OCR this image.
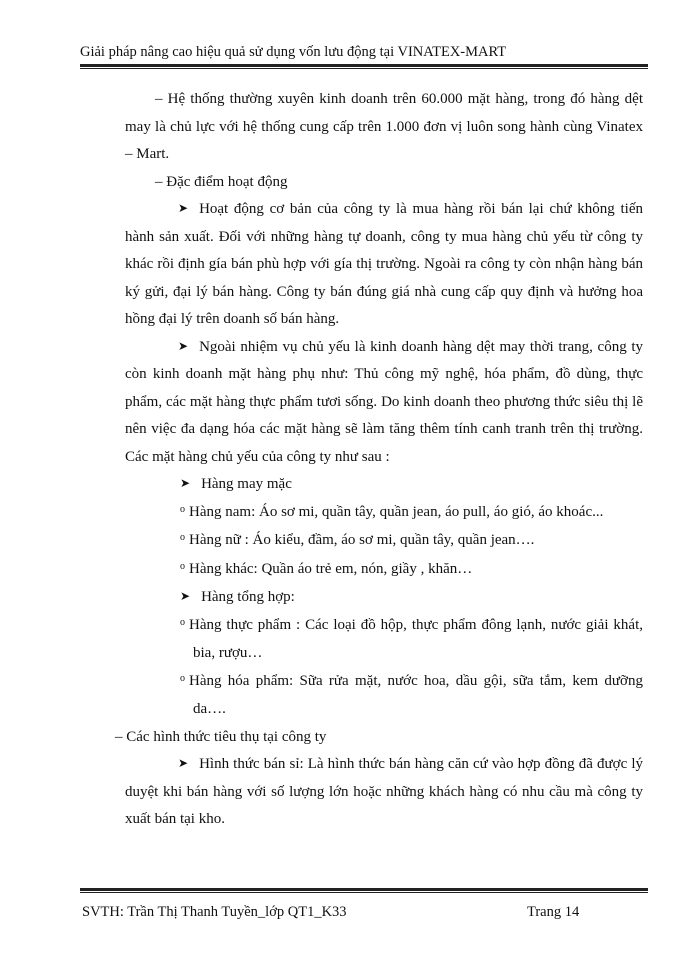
Giải pháp nâng cao hiệu quả sử dụng vốn lưu động tại VINATEX-MART

– Hệ thống thường xuyên kinh doanh trên 60.000 mặt hàng, trong đó hàng dệt may là chủ lực với hệ thống cung cấp trên 1.000 đơn vị luôn song hành cùng Vinatex – Mart.

– Đặc điểm hoạt động

➤ Hoạt động cơ bản của công ty là mua hàng rồi bán lại chứ không tiến hành sản xuất. Đối với những hàng tự doanh, công ty mua hàng chủ yếu từ công ty khác rồi định gía bán phù hợp với gía thị trường. Ngoài ra công ty còn nhận hàng bán ký gửi, đại lý bán hàng. Công ty bán đúng giá nhà cung cấp quy định và hưởng hoa hồng đại lý trên doanh số bán hàng.

➤ Ngoài nhiệm vụ chủ yếu là kinh doanh hàng dệt may thời trang, công ty còn kinh doanh mặt hàng phụ như: Thủ công mỹ nghệ, hóa phẩm, đồ dùng, thực phẩm, các mặt hàng thực phẩm tươi sống. Do kinh doanh theo phương thức siêu thị lẽ nên việc đa dạng hóa các mặt hàng sẽ làm tăng thêm tính canh tranh trên thị trường. Các mặt hàng chủ yếu của công ty như sau :

➤ Hàng may mặc

$^o$ Hàng nam: Áo sơ mi, quần tây, quần jean, áo pull, áo gió, áo khoác...

$^o$ Hàng nữ : Áo kiểu, đầm, áo sơ mi, quần tây, quần jean….

$^o$ Hàng khác: Quần áo trẻ em, nón, giầy , khăn…

➤ Hàng tổng hợp:

$^o$ Hàng thực phẩm : Các loại đồ hộp, thực phẩm đông lạnh, nước giải khát, bia, rượu…

$^o$ Hàng hóa phẩm: Sữa rửa mặt, nước hoa, dầu gội, sữa tắm, kem dưỡng da….

– Các hình thức tiêu thụ tại công ty

➤ Hình thức bán sỉ: Là hình thức bán hàng căn cứ vào hợp đồng đã được lý duyệt khi bán hàng với số lượng lớn hoặc những khách hàng có nhu cầu mà công ty xuất bán tại kho.

SVTH: Trần Thị Thanh Tuyền_lớp QT1_K33	Trang 14
